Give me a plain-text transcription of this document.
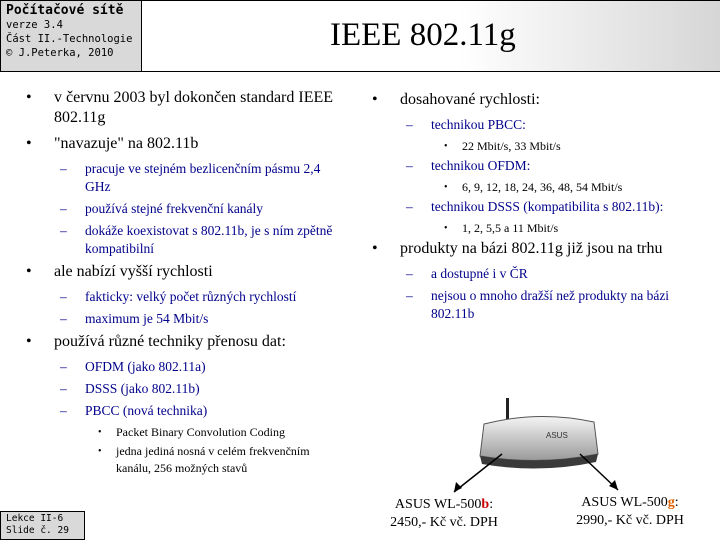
Počítačové sítě
verze 3.4
Část II.-Technologie
© J.Peterka, 2010	IEEE 802.11g
• v červnu 2003 byl dokončen standard IEEE 802.11g
• "navazuje" na 802.11b
– pracuje ve stejném bezlicenčním pásmu 2,4 GHz
– používá stejné frekvenční kanály
– dokáže koexistovat s 802.11b, je s ním zpětně kompatibilní
• ale nabízí vyšší rychlosti
– fakticky: velký počet různých rychlostí
– maximum je 54 Mbit/s
• používá různé techniky přenosu dat:
– OFDM (jako 802.11a)
– DSSS (jako 802.11b)
– PBCC (nová technika)
• Packet Binary Convolution Coding
• jedna jediná nosná v celém frekvenčním kanálu, 256 možných stavů
• dosahované rychlosti:
– technikou PBCC:
• 22 Mbit/s, 33 Mbit/s
– technikou OFDM:
• 6, 9, 12, 18, 24, 36, 48, 54 Mbit/s
– technikou DSSS (kompatibilita s 802.11b):
• 1, 2, 5,5 a 11 Mbit/s
• produkty na bázi 802.11g již jsou na trhu
– a dostupné i v ČR
– nejsou o mnoho dražší než produkty na bázi 802.11b
ASUS
ASUS WL-500b:
2450,- Kč vč. DPH
ASUS WL-500g:
2990,- Kč vč. DPH
Lekce II-6
Slide č. 29
